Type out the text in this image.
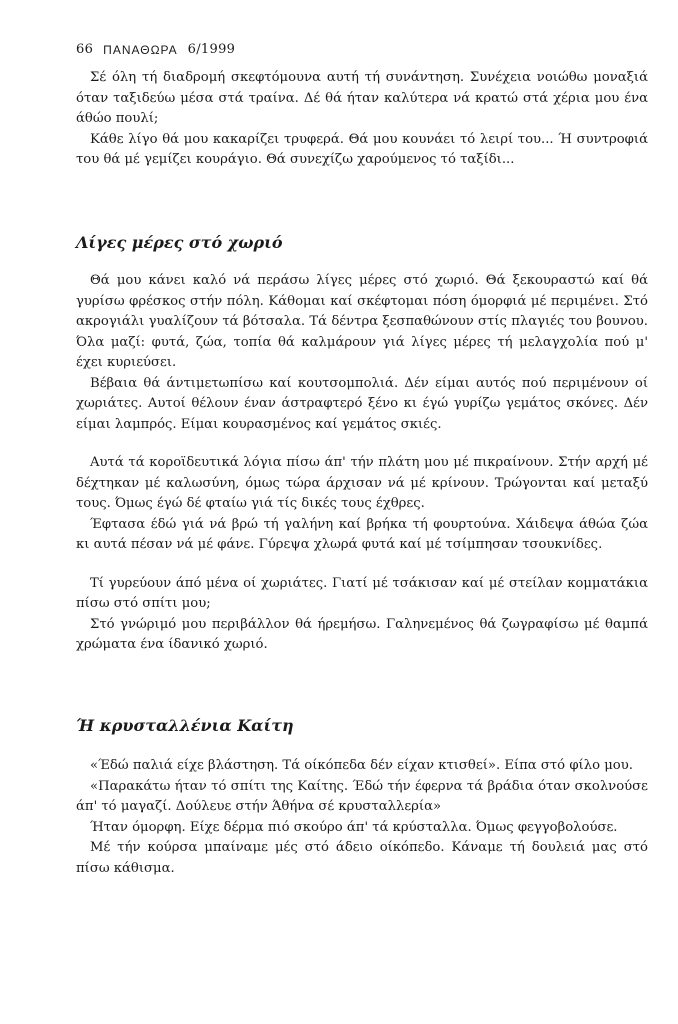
66 ΠΑΝΑΘΩΡΑ 6/1999

Σέ όλη τή διαδρομή σκεφτόμουνα αυτή τή συνάντηση. Συνέχεια νοιώθω μοναξιά όταν ταξιδεύω μέσα στά τραίνα. Δέ θά ήταν καλύτερα νά κρατώ στά χέρια μου ένα άθώο πουλί;

Κάθε λίγο θά μου κακαρίζει τρυφερά. Θά μου κουνάει τό λειρί του... Ή συντροφιά του θά μέ γεμίζει κουράγιο. Θά συνεχίζω χαρούμενος τό ταξίδι...

Λίγες μέρες στό χωριό

Θά μου κάνει καλό νά περάσω λίγες μέρες στό χωριό. Θά ξεκουραστώ καί θά γυρίσω φρέσκος στήν πόλη. Κάθομαι καί σκέφτομαι πόση όμορφιά μέ περιμένει. Στό ακρογιάλι γυαλίζουν τά βότσαλα. Τά δέντρα ξεσπαθώνουν στίς πλαγιές του βουνου. Όλα μαζί: φυτά, ζώα, τοπία θά καλμάρουν γιά λίγες μέρες τή μελαγχολία πού μ' έχει κυριεύσει.

Βέβαια θά άντιμετωπίσω καί κουτσομπολιά. Δέν είμαι αυτός πού περιμένουν οί χωριάτες. Αυτοί θέλουν έναν άστραφτερό ξένο κι έγώ γυρίζω γεμάτος σκόνες. Δέν είμαι λαμπρός. Είμαι κουρασμένος καί γεμάτος σκιές.

Αυτά τά κοροϊδευτικά λόγια πίσω άπ' τήν πλάτη μου μέ πικραίνουν. Στήν αρχή μέ δέχτηκαν μέ καλωσύνη, όμως τώρα άρχισαν νά μέ κρίνουν. Τρώγονται καί μεταξύ τους. Όμως έγώ δέ φταίω γιά τίς δικές τους έχθρες.

Έφτασα έδώ γιά νά βρώ τή γαλήνη καί βρήκα τή φουρτούνα. Χάιδεψα άθώα ζώα κι αυτά πέσαν νά μέ φάνε. Γύρεψα χλωρά φυτά καί μέ τσίμπησαν τσουκνίδες.

Τί γυρεύουν άπό μένα οί χωριάτες. Γιατί μέ τσάκισαν καί μέ στείλαν κομματάκια πίσω στό σπίτι μου;

Στό γνώριμό μου περιβάλλον θά ήρεμήσω. Γαληνεμένος θά ζωγραφίσω μέ θαμπά χρώματα ένα ίδανικό χωριό.

Ή κρυσταλλένια Καίτη

«Έδώ παλιά είχε βλάστηση. Τά οίκόπεδα δέν είχαν κτισθεί». Είπα στό φίλο μου.

«Παρακάτω ήταν τό σπίτι της Καίτης. Έδώ τήν έφερνα τά βράδια όταν σκολνούσε άπ' τό μαγαζί. Δούλευε στήν Άθήνα σέ κρυσταλλερία»

Ήταν όμορφη. Είχε δέρμα πιό σκούρο άπ' τά κρύσταλλα. Όμως φεγγοβολούσε.

Μέ τήν κούρσα μπαίναμε μές στό άδειο οίκόπεδο. Κάναμε τή δουλειά μας στό πίσω κάθισμα.
